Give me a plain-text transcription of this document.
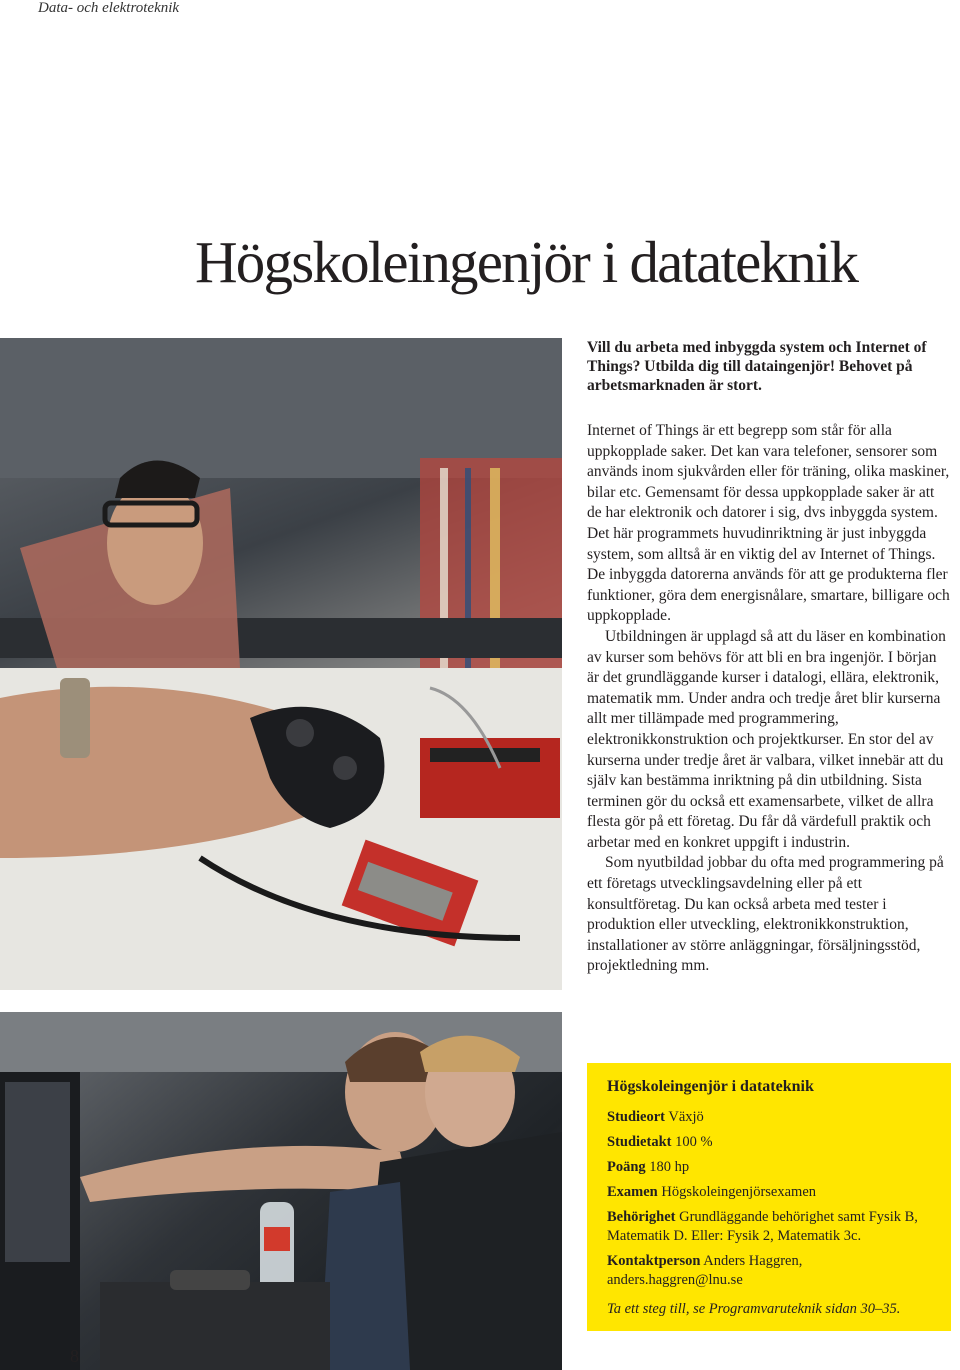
Data- och elektroteknik
Högskoleingenjör i datateknik

Vill du arbeta med inbyggda system och Internet of Things? Utbilda dig till dataingenjör! Behovet på arbetsmarknaden är stort.

Internet of Things är ett begrepp som står för alla uppkopplade saker. Det kan vara telefoner, sensorer som används inom sjukvården eller för träning, olika maskiner, bilar etc. Gemensamt för dessa uppkopplade saker är att de har elektronik och datorer i sig, dvs inbyggda system. Det här programmets huvudinriktning är just inbyggda system, som alltså är en viktig del av Internet of Things. De inbyggda datorerna används för att ge produkterna fler funktioner, göra dem energisnålare, smartare, billigare och uppkopplade.

Utbildningen är upplagd så att du läser en kombination av kurser som behövs för att bli en bra ingenjör. I början är det grundläggande kurser i datalogi, ellära, elektronik, matematik mm. Under andra och tredje året blir kurserna allt mer tillämpade med programmering, elektronikkonstruktion och projektkurser. En stor del av kurserna under tredje året är valbara, vilket innebär att du själv kan bestämma inriktning på din utbildning. Sista terminen gör du också ett examensarbete, vilket de allra flesta gör på ett företag. Du får då värdefull praktik och arbetar med en konkret uppgift i industrin.

Som nyutbildad jobbar du ofta med programmering på ett företags utvecklingsavdelning eller på ett konsultföretag. Du kan också arbeta med tester i produktion eller utveckling, elektronikkonstruktion, installationer av större anläggningar, försäljningsstöd, projektledning mm.

Högskoleingenjör i datateknik
Studieort Växjö
Studietakt 100 %
Poäng 180 hp
Examen Högskoleingenjörsexamen
Behörighet Grundläggande behörighet samt Fysik B, Matematik D. Eller: Fysik 2, Matematik 3c.
Kontaktperson Anders Haggren, anders.haggren@lnu.se
Ta ett steg till, se Programvaruteknik sidan 30–35.
8
